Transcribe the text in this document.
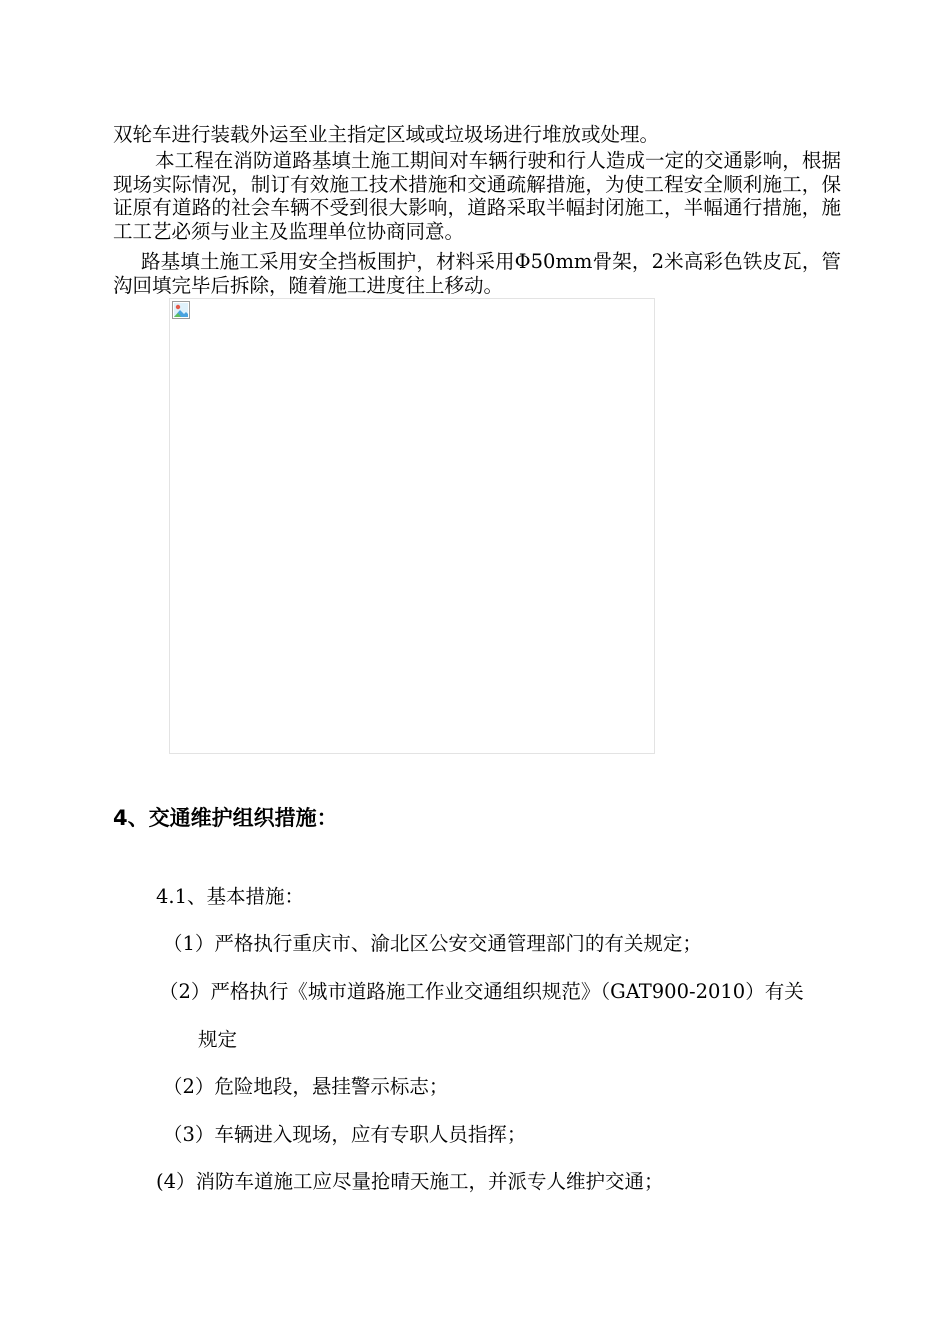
双轮车进行装载外运至业主指定区域或垃圾场进行堆放或处理。

本工程在消防道路基填土施工期间对车辆行驶和行人造成一定的交通影响，根据现场实际情况，制订有效施工技术措施和交通疏解措施，为使工程安全顺利施工，保证原有道路的社会车辆不受到很大影响，道路采取半幅封闭施工，半幅通行措施，施工工艺必须与业主及监理单位协商同意。

路基填土施工采用安全挡板围护，材料采用Φ50mm骨架，2米高彩色铁皮瓦，管沟回填完毕后拆除，随着施工进度往上移动。

4、交通维护组织措施：

4.1、基本措施：

（1）严格执行重庆市、渝北区公安交通管理部门的有关规定；

（2）严格执行《城市道路施工作业交通组织规范》（GAT900-2010）有关

规定

（2）危险地段，悬挂警示标志；

（3）车辆进入现场，应有专职人员指挥；

(4）消防车道施工应尽量抢晴天施工，并派专人维护交通；
